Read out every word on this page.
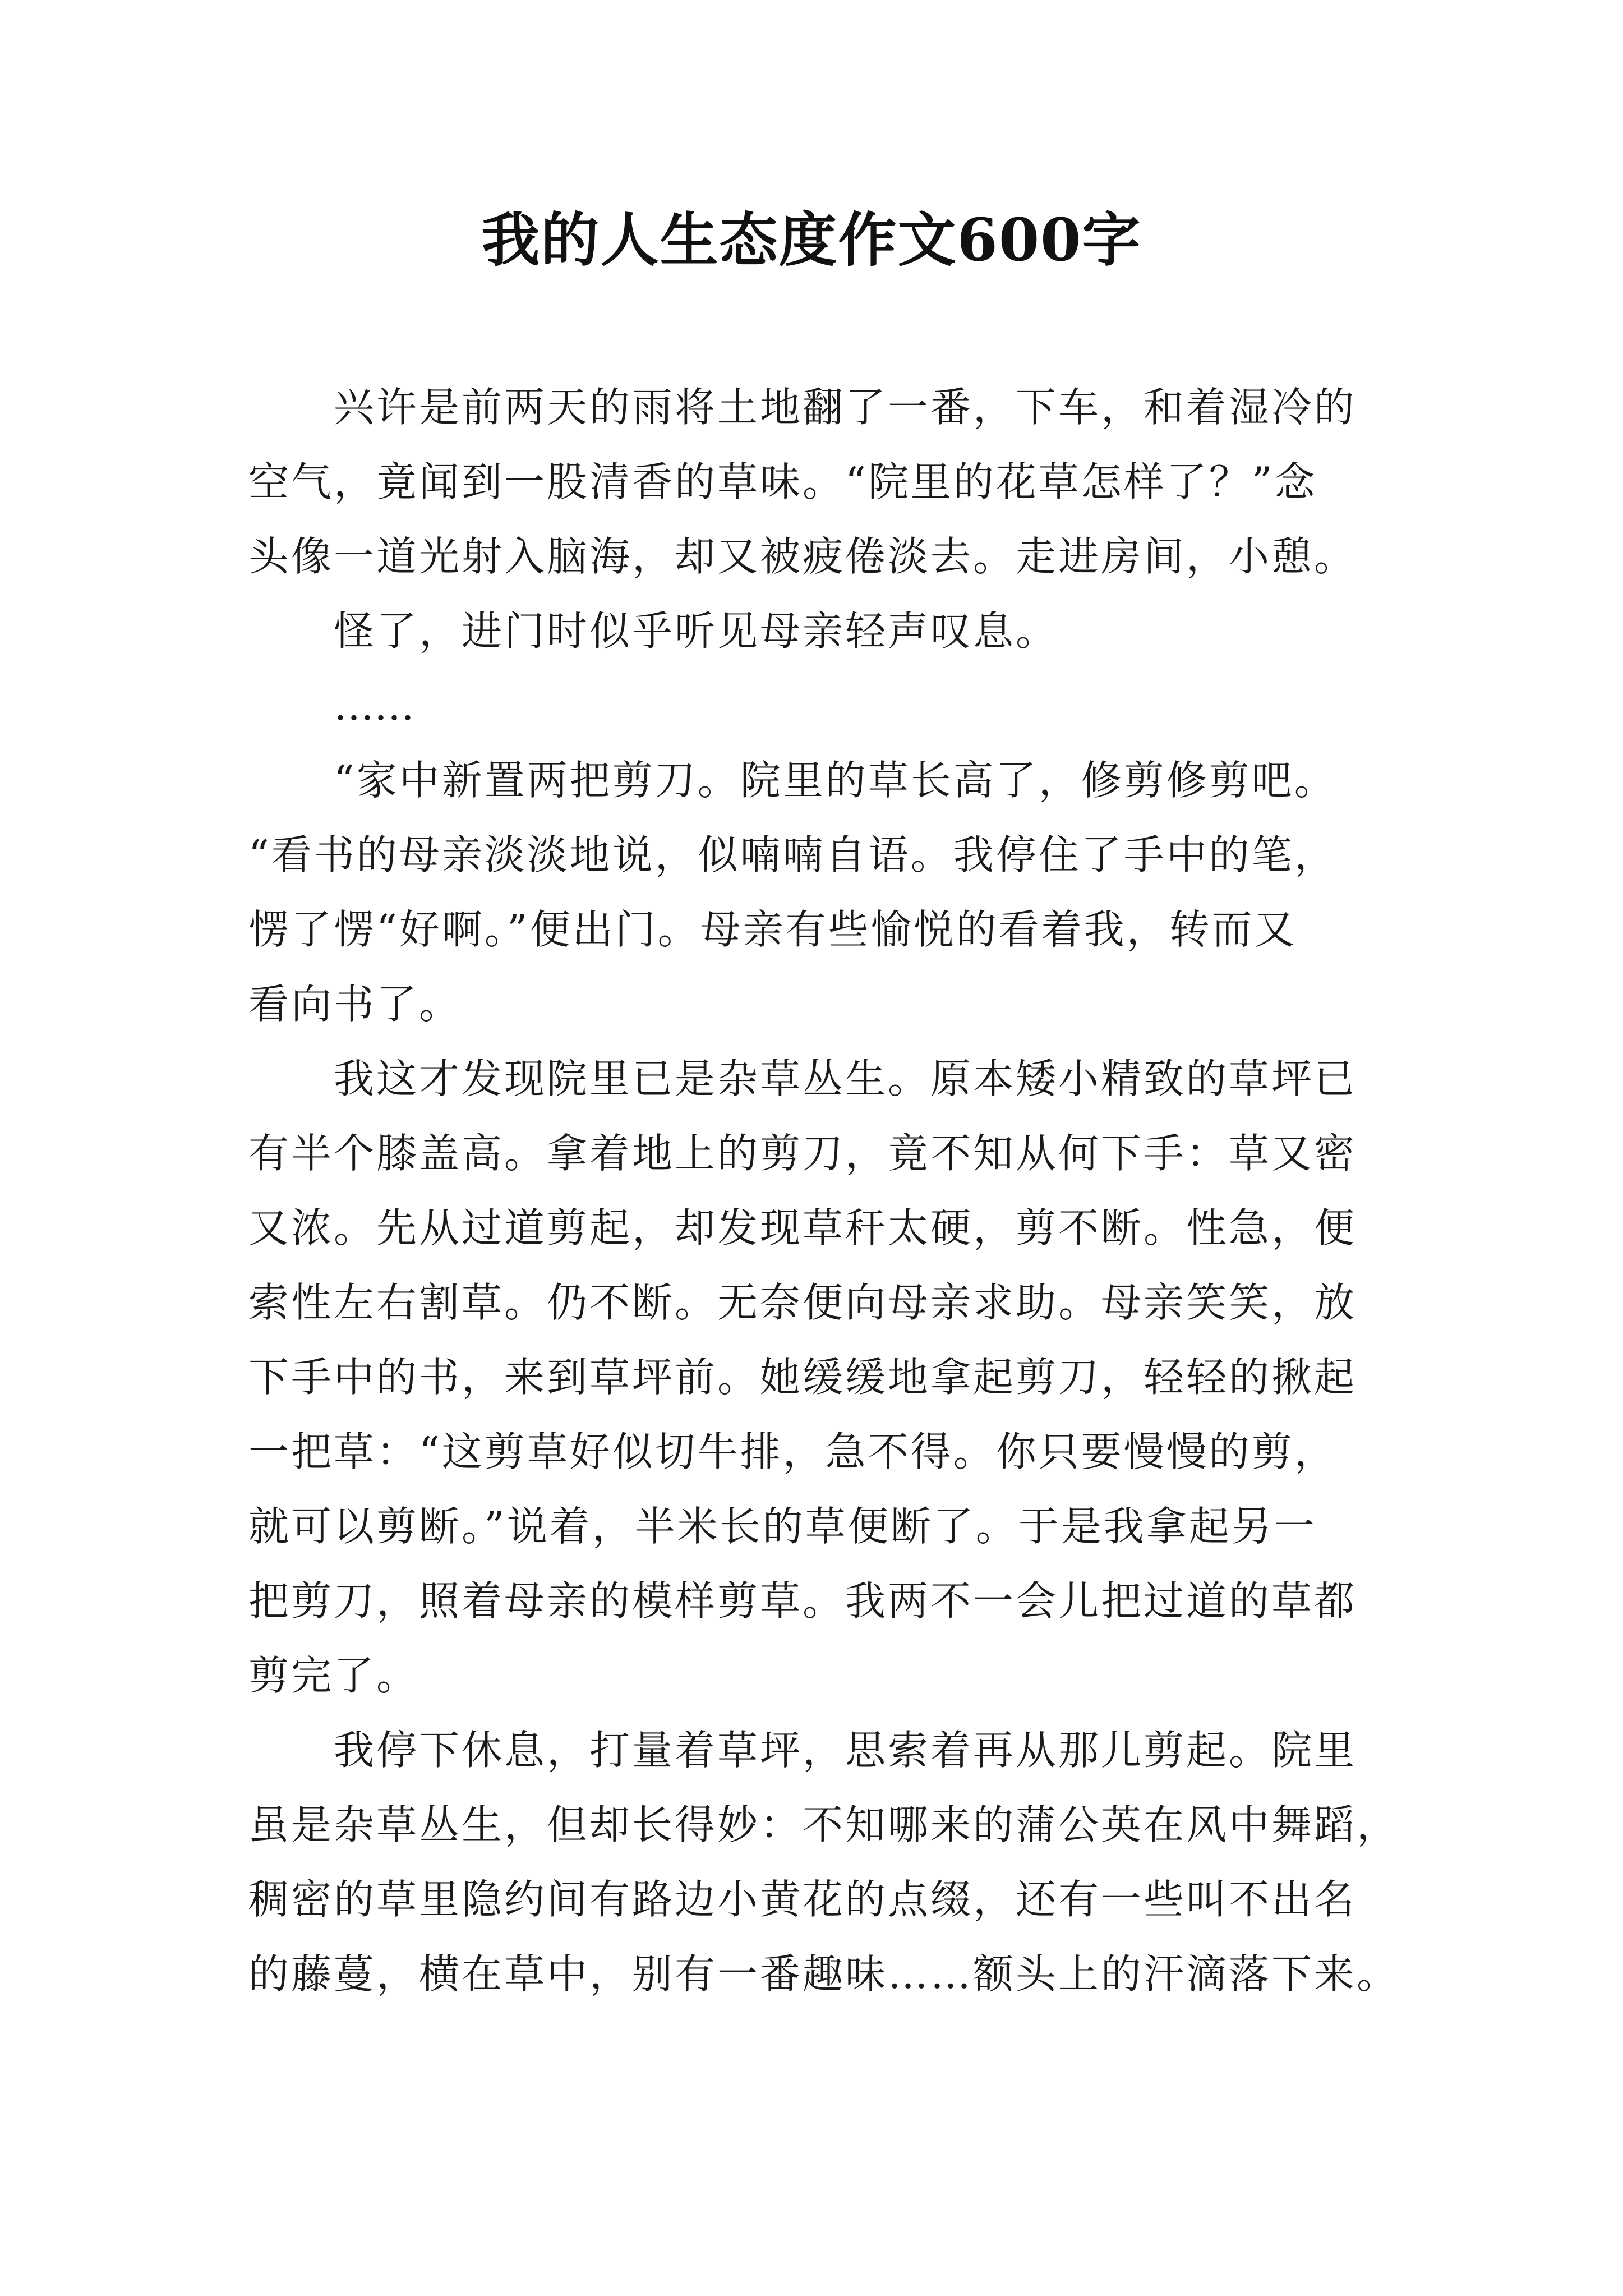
我的人生态度作文600字

兴许是前两天的雨将土地翻了一番，下车，和着湿冷的

空气，竟闻到一股清香的草味。“院里的花草怎样了？”念

头像一道光射入脑海，却又被疲倦淡去。走进房间，小憩。

怪了，进门时似乎听见母亲轻声叹息。

……

“家中新置两把剪刀。院里的草长高了，修剪修剪吧。

“看书的母亲淡淡地说，似喃喃自语。我停住了手中的笔，

愣了愣“好啊。”便出门。母亲有些愉悦的看着我，转而又

看向书了。

我这才发现院里已是杂草丛生。原本矮小精致的草坪已

有半个膝盖高。拿着地上的剪刀，竟不知从何下手：草又密

又浓。先从过道剪起，却发现草秆太硬，剪不断。性急，便

索性左右割草。仍不断。无奈便向母亲求助。母亲笑笑，放

下手中的书，来到草坪前。她缓缓地拿起剪刀，轻轻的揪起

一把草：“这剪草好似切牛排，急不得。你只要慢慢的剪，

就可以剪断。”说着，半米长的草便断了。于是我拿起另一

把剪刀，照着母亲的模样剪草。我两不一会儿把过道的草都

剪完了。

我停下休息，打量着草坪，思索着再从那儿剪起。院里

虽是杂草丛生，但却长得妙：不知哪来的蒲公英在风中舞蹈，

稠密的草里隐约间有路边小黄花的点缀，还有一些叫不出名

的藤蔓，横在草中，别有一番趣味……额头上的汗滴落下来。
